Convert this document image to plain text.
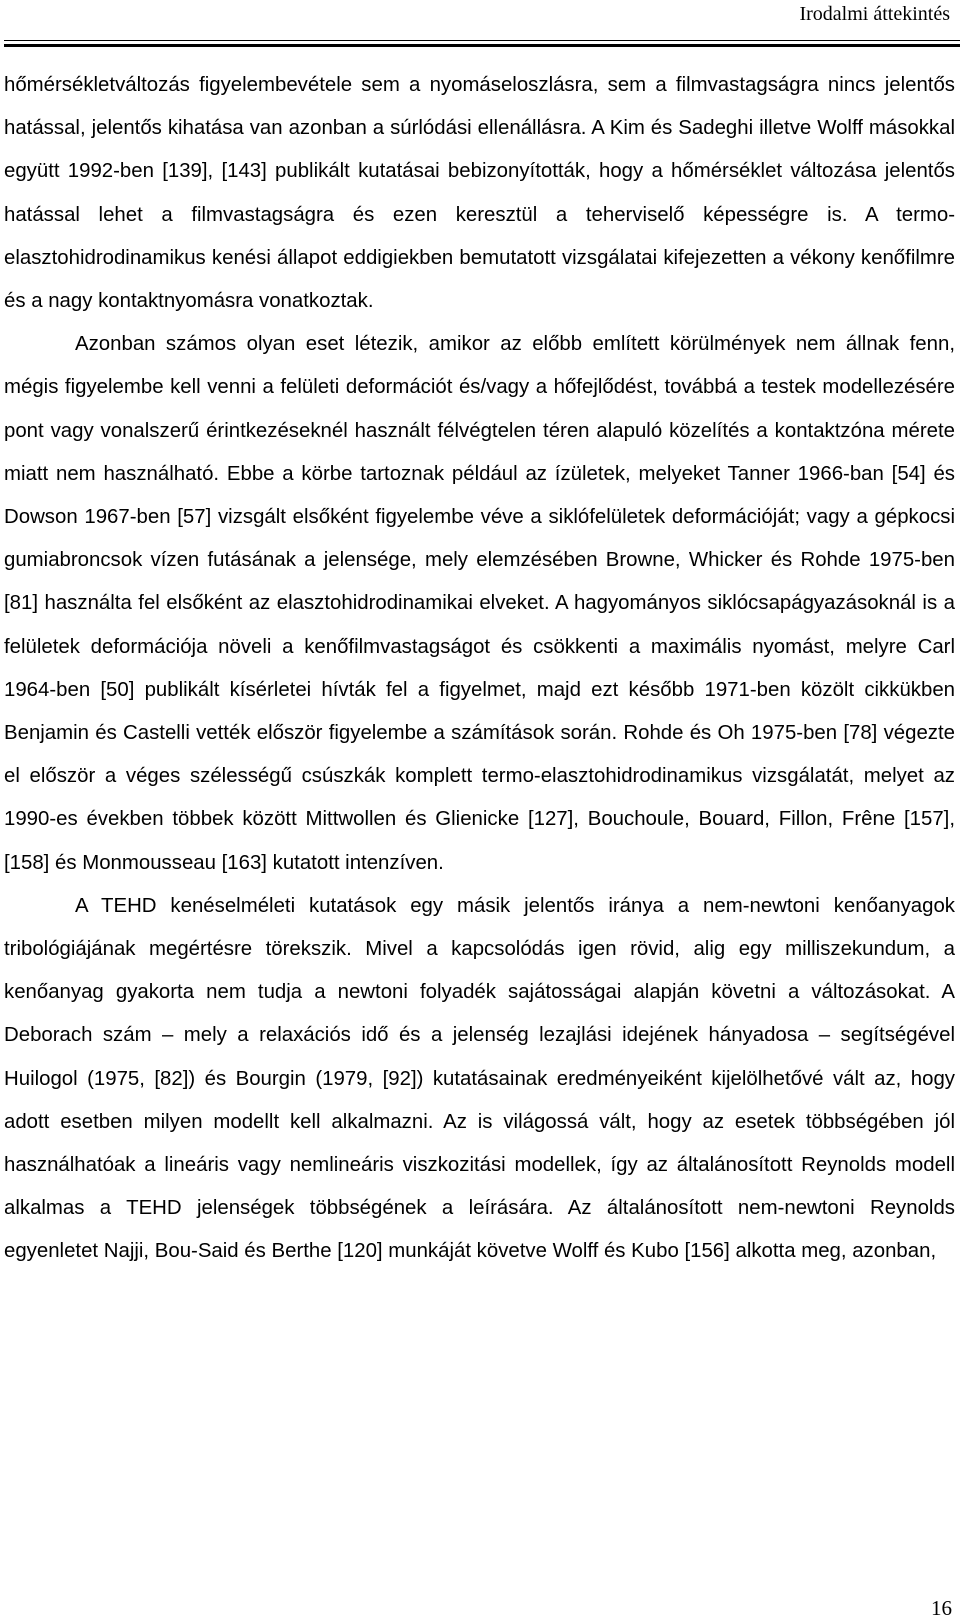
Irodalmi áttekintés

hőmérsékletváltozás figyelembevétele sem a nyomáseloszlásra, sem a filmvastagságra nincs jelentős hatással, jelentős kihatása van azonban a súrlódási ellenállásra. A Kim és Sadeghi illetve Wolff másokkal együtt 1992-ben [139], [143] publikált kutatásai bebizonyították, hogy a hőmérséklet változása jelentős hatással lehet a filmvastagságra és ezen keresztül a teherviselő képességre is. A termo-elasztohidrodinamikus kenési állapot eddigiekben bemutatott vizsgálatai kifejezetten a vékony kenőfilmre és a nagy kontaktnyomásra vonatkoztak.

Azonban számos olyan eset létezik, amikor az előbb említett körülmények nem állnak fenn, mégis figyelembe kell venni a felületi deformációt és/vagy a hőfejlődést, továbbá a testek modellezésére pont vagy vonalszerű érintkezéseknél használt félvégtelen téren alapuló közelítés a kontaktzóna mérete miatt nem használható. Ebbe a körbe tartoznak például az ízületek, melyeket Tanner 1966-ban [54] és Dowson 1967-ben [57] vizsgált elsőként figyelembe véve a siklófelületek deformációját; vagy a gépkocsi gumiabroncsok vízen futásának a jelensége, mely elemzésében Browne, Whicker és Rohde 1975-ben [81] használta fel elsőként az elasztohidrodinamikai elveket. A hagyományos siklócsapágyazásoknál is a felületek deformációja növeli a kenőfilmvastagságot és csökkenti a maximális nyomást, melyre Carl 1964-ben [50] publikált kísérletei hívták fel a figyelmet, majd ezt később 1971-ben közölt cikkükben Benjamin és Castelli vették először figyelembe a számítások során. Rohde és Oh 1975-ben [78] végezte el először a véges szélességű csúszkák komplett termo-elasztohidrodinamikus vizsgálatát, melyet az 1990-es években többek között Mittwollen és Glienicke [127], Bouchoule, Bouard, Fillon, Frêne [157], [158] és Monmousseau [163] kutatott intenzíven.

A TEHD kenéselméleti kutatások egy másik jelentős iránya a nem-newtoni kenőanyagok tribológiájának megértésre törekszik. Mivel a kapcsolódás igen rövid, alig egy milliszekundum, a kenőanyag gyakorta nem tudja a newtoni folyadék sajátosságai alapján követni a változásokat. A Deborach szám – mely a relaxációs idő és a jelenség lezajlási idejének hányadosa – segítségével Huilogol (1975, [82]) és Bourgin (1979, [92]) kutatásainak eredményeiként kijelölhetővé vált az, hogy adott esetben milyen modellt kell alkalmazni. Az is világossá vált, hogy az esetek többségében jól használhatóak a lineáris vagy nemlineáris viszkozitási modellek, így az általánosított Reynolds modell alkalmas a TEHD jelenségek többségének a leírására. Az általánosított nem-newtoni Reynolds egyenletet Najji, Bou-Said és Berthe [120] munkáját követve Wolff és Kubo [156] alkotta meg, azonban,

16
